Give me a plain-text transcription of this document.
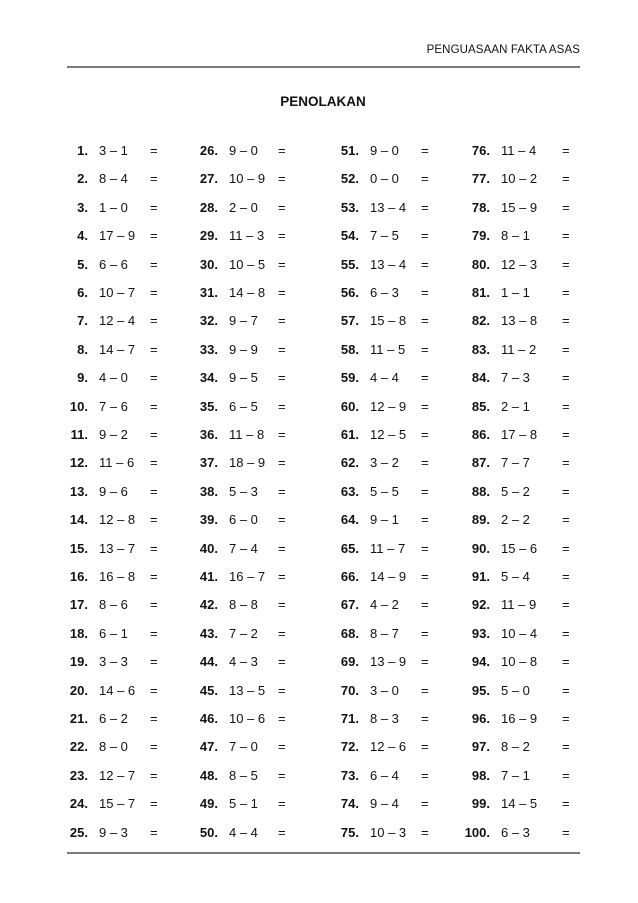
PENGUASAAN FAKTA ASAS
PENOLAKAN
1. 3 – 1 =
2. 8 – 4 =
3. 1 – 0 =
4. 17 – 9 =
5. 6 – 6 =
6. 10 – 7 =
7. 12 – 4 =
8. 14 – 7 =
9. 4 – 0 =
10. 7 – 6 =
11. 9 – 2 =
12. 11 – 6 =
13. 9 – 6 =
14. 12 – 8 =
15. 13 – 7 =
16. 16 – 8 =
17. 8 – 6 =
18. 6 – 1 =
19. 3 – 3 =
20. 14 – 6 =
21. 6 – 2 =
22. 8 – 0 =
23. 12 – 7 =
24. 15 – 7 =
25. 9 – 3 =
26. 9 – 0 =
27. 10 – 9 =
28. 2 – 0 =
29. 11 – 3 =
30. 10 – 5 =
31. 14 – 8 =
32. 9 – 7 =
33. 9 – 9 =
34. 9 – 5 =
35. 6 – 5 =
36. 11 – 8 =
37. 18 – 9 =
38. 5 – 3 =
39. 6 – 0 =
40. 7 – 4 =
41. 16 – 7 =
42. 8 – 8 =
43. 7 – 2 =
44. 4 – 3 =
45. 13 – 5 =
46. 10 – 6 =
47. 7 – 0 =
48. 8 – 5 =
49. 5 – 1 =
50. 4 – 4 =
51. 9 – 0 =
52. 0 – 0 =
53. 13 – 4 =
54. 7 – 5 =
55. 13 – 4 =
56. 6 – 3 =
57. 15 – 8 =
58. 11 – 5 =
59. 4 – 4 =
60. 12 – 9 =
61. 12 – 5 =
62. 3 – 2 =
63. 5 – 5 =
64. 9 – 1 =
65. 11 – 7 =
66. 14 – 9 =
67. 4 – 2 =
68. 8 – 7 =
69. 13 – 9 =
70. 3 – 0 =
71. 8 – 3 =
72. 12 – 6 =
73. 6 – 4 =
74. 9 – 4 =
75. 10 – 3 =
76. 11 – 4 =
77. 10 – 2 =
78. 15 – 9 =
79. 8 – 1 =
80. 12 – 3 =
81. 1 – 1 =
82. 13 – 8 =
83. 11 – 2 =
84. 7 – 3 =
85. 2 – 1 =
86. 17 – 8 =
87. 7 – 7 =
88. 5 – 2 =
89. 2 – 2 =
90. 15 – 6 =
91. 5 – 4 =
92. 11 – 9 =
93. 10 – 4 =
94. 10 – 8 =
95. 5 – 0 =
96. 16 – 9 =
97. 8 – 2 =
98. 7 – 1 =
99. 14 – 5 =
100. 6 – 3 =
